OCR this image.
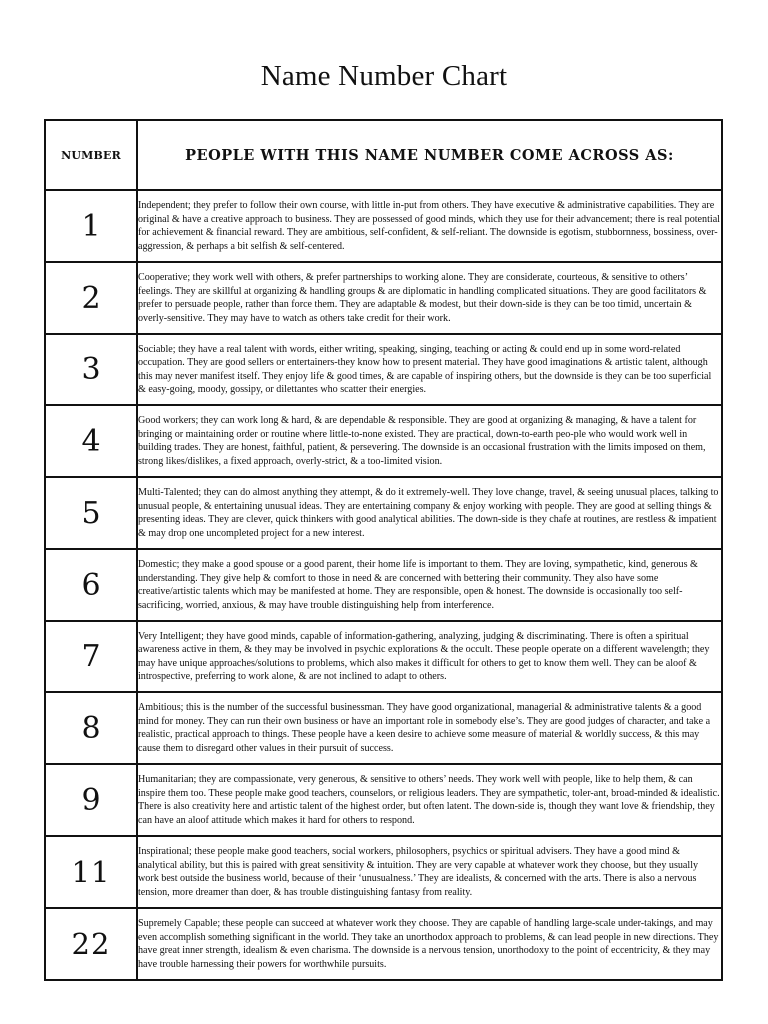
Name Number Chart
NUMBER	PEOPLE WITH THIS NAME NUMBER COME ACROSS AS:
1	Independent; they prefer to follow their own course, with little in-put from others. They have executive & administrative capabilities. They are original & have a creative approach to business. They are possessed of good minds, which they use for their advancement; there is real potential for achievement & financial reward. They are ambitious, self-confident, & self-reliant. The downside is egotism, stubbornness, bossiness, over-aggression, & perhaps a bit selfish & self-centered.
2	Cooperative; they work well with others, & prefer partnerships to working alone. They are considerate, courteous, & sensitive to others’ feelings. They are skillful at organizing & handling groups & are diplomatic in handling complicated situations. They are good facilitators & prefer to persuade people, rather than force them. They are adaptable & modest, but their down-side is they can be too timid, uncertain & overly-sensitive. They may have to watch as others take credit for their work.
3	Sociable; they have a real talent with words, either writing, speaking, singing, teaching or acting & could end up in some word-related occupation. They are good sellers or entertainers-they know how to present material. They have good imaginations & artistic talent, although this may never manifest itself. They enjoy life & good times, & are capable of inspiring others, but the downside is they can be too superficial & easy-going, moody, gossipy, or dilettantes who scatter their energies.
4	Good workers; they can work long & hard, & are dependable & responsible. They are good at organizing & managing, & have a talent for bringing or maintaining order or routine where little-to-none existed. They are practical, down-to-earth peo-ple who would work well in building trades. They are honest, faithful, patient, & persevering. The downside is an occasional frustration with the limits imposed on them, strong likes/dislikes, a fixed approach, overly-strict, & a too-limited vision.
5	Multi-Talented; they can do almost anything they attempt, & do it extremely-well. They love change, travel, & seeing unusual places, talking to unusual people, & entertaining unusual ideas. They are entertaining company & enjoy working with people. They are good at selling things & presenting ideas. They are clever, quick thinkers with good analytical abilities. The down-side is they chafe at routines, are restless & impatient & may drop one uncompleted project for a new interest.
6	Domestic; they make a good spouse or a good parent, their home life is important to them. They are loving, sympathetic, kind, generous & understanding. They give help & comfort to those in need & are concerned with bettering their community. They also have some creative/artistic talents which may be manifested at home. They are responsible, open & honest. The downside is occasionally too self-sacrificing, worried, anxious, & may have trouble distinguishing help from interference.
7	Very Intelligent; they have good minds, capable of information-gathering, analyzing, judging & discriminating. There is often a spiritual awareness active in them, & they may be involved in psychic explorations & the occult. These people operate on a different wavelength; they may have unique approaches/solutions to problems, which also makes it difficult for others to get to know them well. They can be aloof & introspective, preferring to work alone, & are not inclined to adapt to others.
8	Ambitious; this is the number of the successful businessman. They have good organizational, managerial & administrative talents & a good mind for money. They can run their own business or have an important role in somebody else’s. They are good judges of character, and take a realistic, practical approach to things. These people have a keen desire to achieve some measure of material & worldly success, & this may cause them to disregard other values in their pursuit of success.
9	Humanitarian; they are compassionate, very generous, & sensitive to others’ needs. They work well with people, like to help them, & can inspire them too. These people make good teachers, counselors, or religious leaders. They are sympathetic, toler-ant, broad-minded & idealistic. There is also creativity here and artistic talent of the highest order, but often latent. The down-side is, though they want love & friendship, they can have an aloof attitude which makes it hard for others to respond.
11	Inspirational; these people make good teachers, social workers, philosophers, psychics or spiritual advisers. They have a good mind & analytical ability, but this is paired with great sensitivity & intuition. They are very capable at whatever work they choose, but they usually work best outside the business world, because of their ‘unusualness.’ They are idealists, & concerned with the arts. There is also a nervous tension, more dreamer than doer, & has trouble distinguishing fantasy from reality.
22	Supremely Capable; these people can succeed at whatever work they choose. They are capable of handling large-scale under-takings, and may even accomplish something significant in the world. They take an unorthodox approach to problems, & can lead people in new directions. They have great inner strength, idealism & even charisma. The downside is a nervous tension, unorthodoxy to the point of eccentricity, & they may have trouble harnessing their powers for worthwhile pursuits.
